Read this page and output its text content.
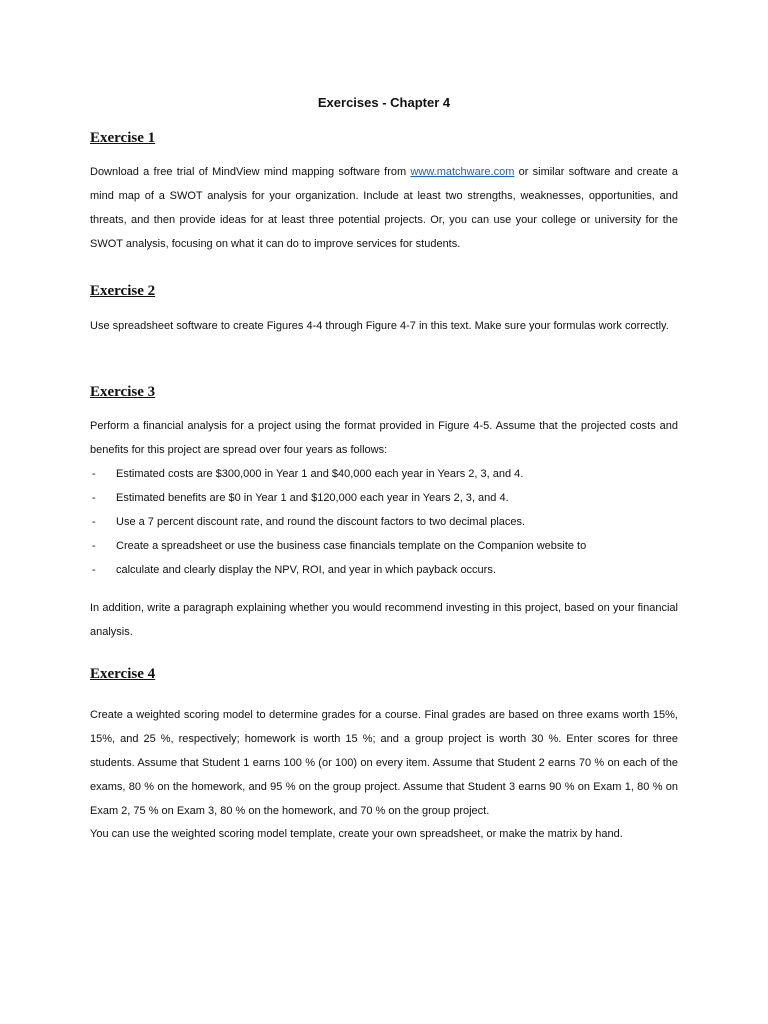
Exercises - Chapter 4
Exercise 1

Download a free trial of MindView mind mapping software from www.matchware.com or similar software and create a mind map of a SWOT analysis for your organization. Include at least two strengths, weaknesses, opportunities, and threats, and then provide ideas for at least three potential projects. Or, you can use your college or university for the SWOT analysis, focusing on what it can do to improve services for students.

Exercise 2

Use spreadsheet software to create Figures 4-4 through Figure 4-7 in this text. Make sure your formulas work correctly.

Exercise 3

Perform a financial analysis for a project using the format provided in Figure 4-5. Assume that the projected costs and benefits for this project are spread over four years as follows:

- Estimated costs are $300,000 in Year 1 and $40,000 each year in Years 2, 3, and 4.
- Estimated benefits are $0 in Year 1 and $120,000 each year in Years 2, 3, and 4.
- Use a 7 percent discount rate, and round the discount factors to two decimal places.
- Create a spreadsheet or use the business case financials template on the Companion website to
- calculate and clearly display the NPV, ROI, and year in which payback occurs.

In addition, write a paragraph explaining whether you would recommend investing in this project, based on your financial analysis.

Exercise 4

Create a weighted scoring model to determine grades for a course. Final grades are based on three exams worth 15%, 15%, and 25 %, respectively; homework is worth 15 %; and a group project is worth 30 %. Enter scores for three students. Assume that Student 1 earns 100 % (or 100) on every item. Assume that Student 2 earns 70 % on each of the exams, 80 % on the homework, and 95 % on the group project. Assume that Student 3 earns 90 % on Exam 1, 80 % on Exam 2, 75 % on Exam 3, 80 % on the homework, and 70 % on the group project.

You can use the weighted scoring model template, create your own spreadsheet, or make the matrix by hand.
